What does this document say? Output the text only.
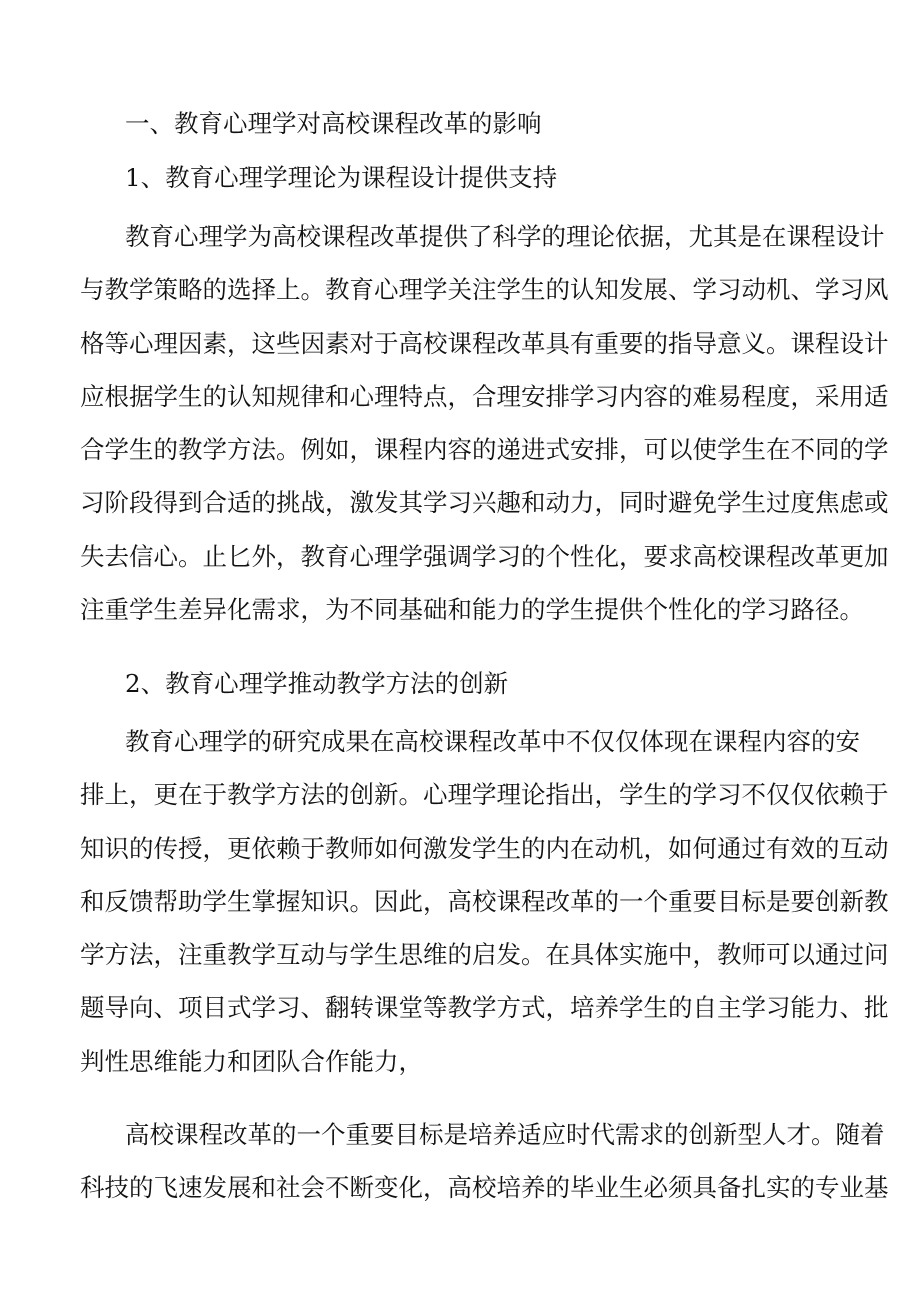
一、教育心理学对高校课程改革的影响
1、教育心理学理论为课程设计提供支持
教育心理学为高校课程改革提供了科学的理论依据，尤其是在课程设计
与教学策略的选择上。教育心理学关注学生的认知发展、学习动机、学习风
格等心理因素，这些因素对于高校课程改革具有重要的指导意义。课程设计
应根据学生的认知规律和心理特点，合理安排学习内容的难易程度，采用适
合学生的教学方法。例如，课程内容的递进式安排，可以使学生在不同的学
习阶段得到合适的挑战，激发其学习兴趣和动力，同时避免学生过度焦虑或
失去信心。止匕外，教育心理学强调学习的个性化，要求高校课程改革更加
注重学生差异化需求，为不同基础和能力的学生提供个性化的学习路径。
2、教育心理学推动教学方法的创新
教育心理学的研究成果在高校课程改革中不仅仅体现在课程内容的安
排上，更在于教学方法的创新。心理学理论指出，学生的学习不仅仅依赖于
知识的传授，更依赖于教师如何激发学生的内在动机，如何通过有效的互动
和反馈帮助学生掌握知识。因此，高校课程改革的一个重要目标是要创新教
学方法，注重教学互动与学生思维的启发。在具体实施中，教师可以通过问
题导向、项目式学习、翻转课堂等教学方式，培养学生的自主学习能力、批
判性思维能力和团队合作能力，
高校课程改革的一个重要目标是培养适应时代需求的创新型人才。随着
科技的飞速发展和社会不断变化，高校培养的毕业生必须具备扎实的专业基
